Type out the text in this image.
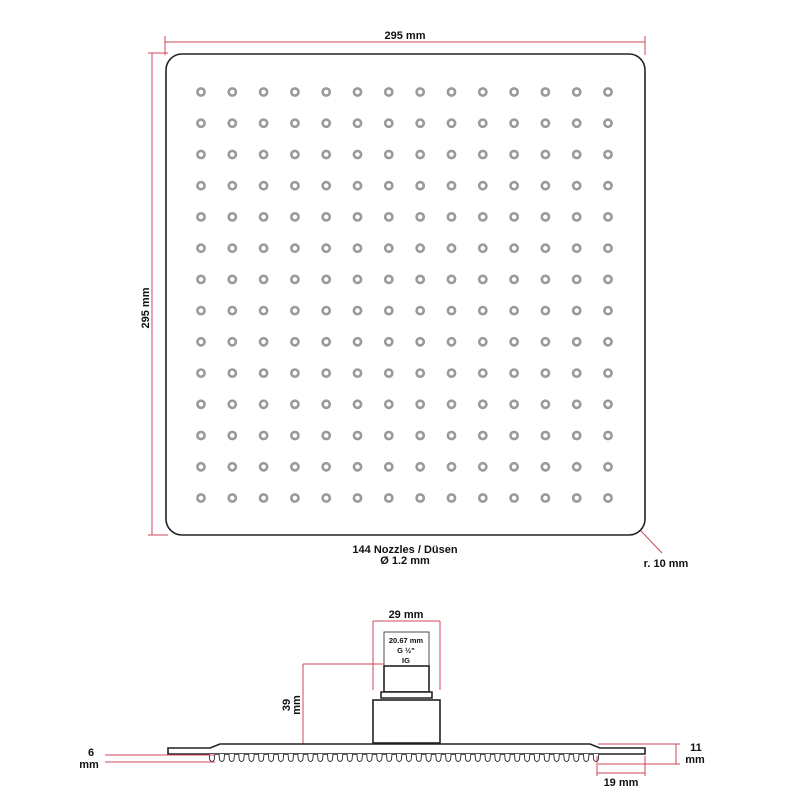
295 mm
295 mm
144 Nozzles / Düsen
Ø 1.2 mm	r. 10 mm
29 mm
20.67 mm
G ½"
IG
39
mm
6
mm
11
mm
19 mm
